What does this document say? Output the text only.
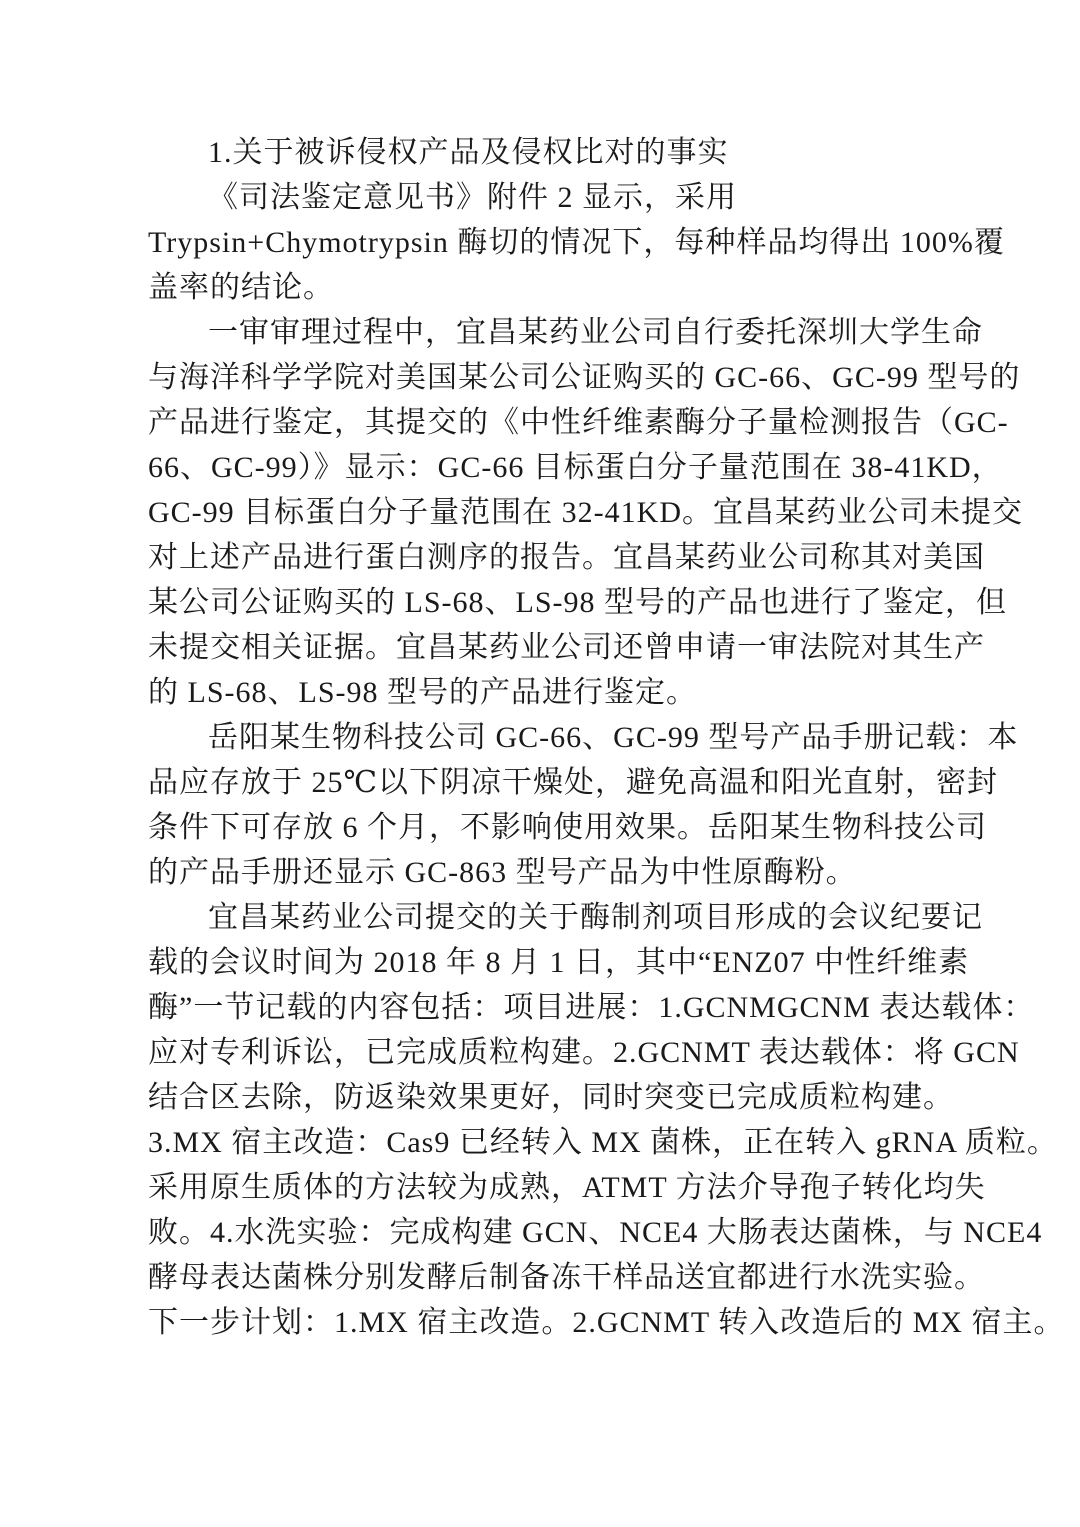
1.关于被诉侵权产品及侵权比对的事实
《司法鉴定意见书》附件 2 显示，采用
Trypsin+Chymotrypsin 酶切的情况下，每种样品均得出 100%覆
盖率的结论。
一审审理过程中，宜昌某药业公司自行委托深圳大学生命
与海洋科学学院对美国某公司公证购买的 GC-66、GC-99 型号的
产品进行鉴定，其提交的《中性纤维素酶分子量检测报告（GC-
66、GC-99）》显示：GC-66 目标蛋白分子量范围在 38-41KD，
GC-99 目标蛋白分子量范围在 32-41KD。宜昌某药业公司未提交
对上述产品进行蛋白测序的报告。宜昌某药业公司称其对美国
某公司公证购买的 LS-68、LS-98 型号的产品也进行了鉴定，但
未提交相关证据。宜昌某药业公司还曾申请一审法院对其生产
的 LS-68、LS-98 型号的产品进行鉴定。
岳阳某生物科技公司 GC-66、GC-99 型号产品手册记载：本
品应存放于 25℃以下阴凉干燥处，避免高温和阳光直射，密封
条件下可存放 6 个月，不影响使用效果。岳阳某生物科技公司
的产品手册还显示 GC-863 型号产品为中性原酶粉。
宜昌某药业公司提交的关于酶制剂项目形成的会议纪要记
载的会议时间为 2018 年 8 月 1 日，其中“ENZ07 中性纤维素
酶”一节记载的内容包括：项目进展：1.GCNMGCNM 表达载体：
应对专利诉讼，已完成质粒构建。2.GCNMT 表达载体：将 GCN
结合区去除，防返染效果更好，同时突变已完成质粒构建。
3.MX 宿主改造：Cas9 已经转入 MX 菌株，正在转入 gRNA 质粒。
采用原生质体的方法较为成熟，ATMT 方法介导孢子转化均失
败。4.水洗实验：完成构建 GCN、NCE4 大肠表达菌株，与 NCE4
酵母表达菌株分别发酵后制备冻干样品送宜都进行水洗实验。
下一步计划：1.MX 宿主改造。2.GCNMT 转入改造后的 MX 宿主。
